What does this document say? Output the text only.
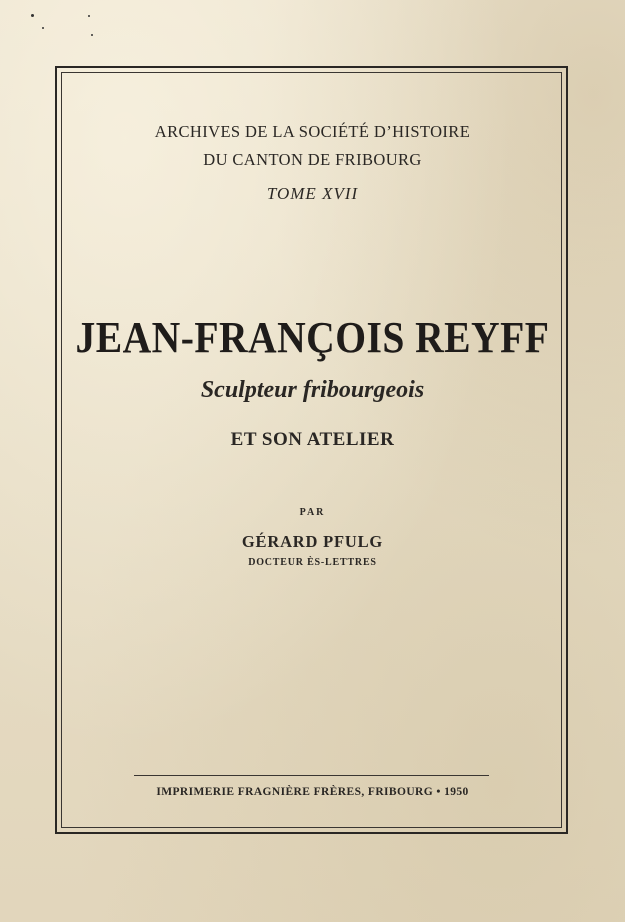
ARCHIVES DE LA SOCIÉTÉ D’HISTOIRE
DU CANTON DE FRIBOURG
TOME XVII
JEAN-FRANÇOIS REYFF
Sculpteur fribourgeois
ET SON ATELIER
PAR
GÉRARD PFULG
DOCTEUR ÈS-LETTRES
IMPRIMERIE FRAGNIÈRE FRÈRES, FRIBOURG • 1950
